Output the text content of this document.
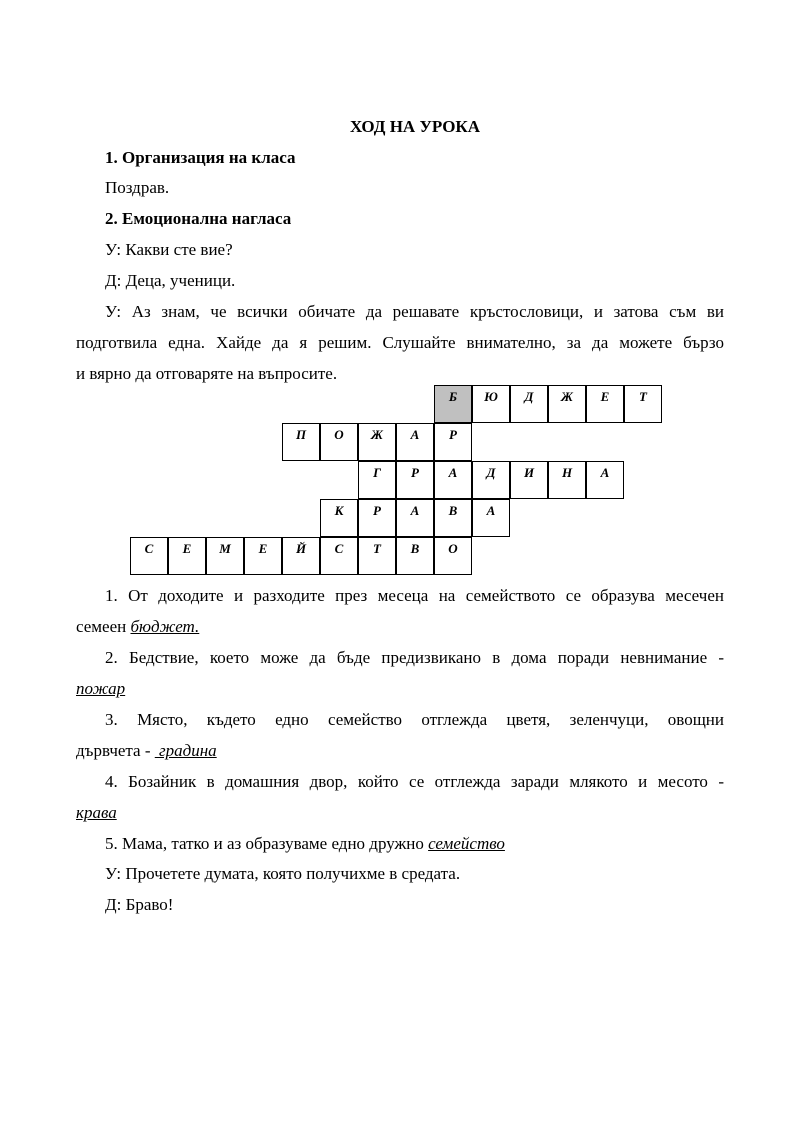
ХОД НА УРОКА
1. Организация на класа
Поздрав.
2. Емоционална нагласа
У: Какви сте вие?
Д: Деца, ученици.
У: Аз знам, че всички обичате да решавате кръстословици, и затова съм ви
подготвила една. Хайде да я решим. Слушайте внимателно, за да можете бързо
и вярно да отговаряте на въпросите.
Б	Ю	Д	Ж	Е	Т
П	О	Ж	А	Р
Г	Р	А	Д	И	Н	А
К	Р	А	В	А
С	Е	М	Е	Й	С	Т	В	О
1. От доходите и разходите през месеца на семейството се образува месечен
семеен бюджет.
2. Бедствие, което може да бъде предизвикано в дома поради невнимание -
пожар
3. Място, където едно семейство отглежда цветя, зеленчуци, овощни
дървчета -  градина
4. Бозайник в домашния двор, който се отглежда заради млякото и месото -
крава
5. Мама, татко и аз образуваме едно дружно семейство
У: Прочетете думата, която получихме в средата.
Д: Браво!
